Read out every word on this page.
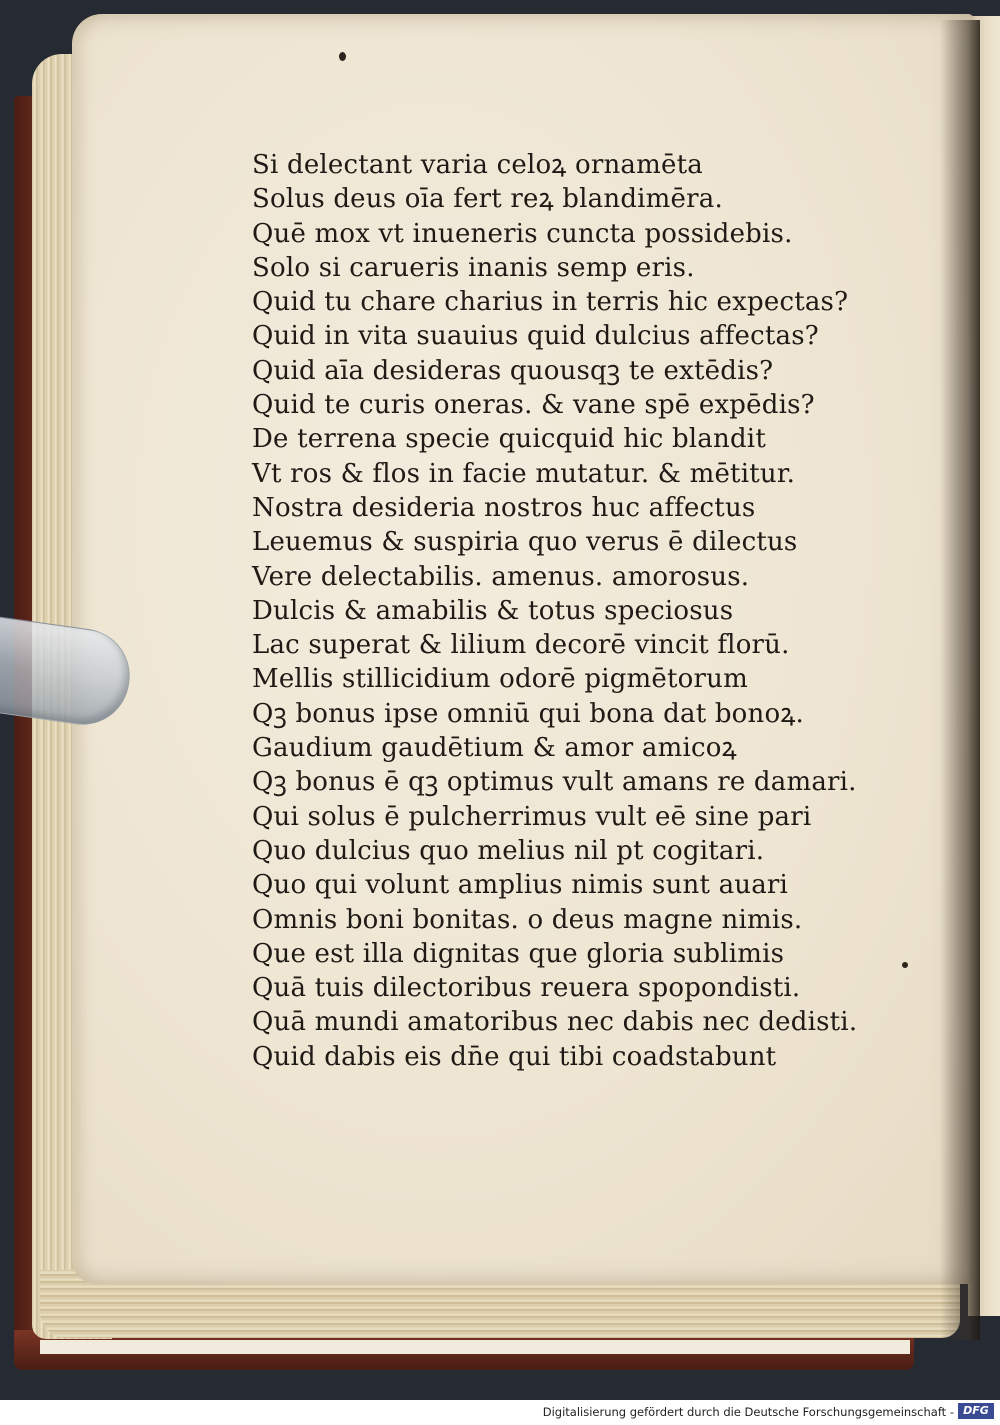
Si delectant varia celoꝝ ornamēta
Solus deus oīa fert reꝝ blandimēra.
Quē mox vt inueneris cuncta possidebis.
Solo si carueris inanis semp eris.
Quid tu chare charius in terris hic expectas?
Quid in vita suauius quid dulcius affectas?
Quid aīa desideras quousqꝫ te extēdis?
Quid te curis oneras. & vane spē expēdis?
De terrena specie quicquid hic blandit
Vt ros & flos in facie mutatur. & mētitur.
Nostra desideria nostros huc affectus
Leuemus & suspiria quo verus ē dilectus
Vere delectabilis. amenus. amorosus.
Dulcis & amabilis & totus speciosus
Lac superat & lilium decorē vincit florū.
Mellis stillicidium odorē pigmētorum
Qꝫ bonus ipse omniū qui bona dat bonoꝝ.
Gaudium gaudētium & amor amicoꝝ
Qꝫ bonus ē qꝫ optimus vult amans re damari.
Qui solus ē pulcherrimus vult eē sine pari
Quo dulcius quo melius nil pt cogitari.
Quo qui volunt amplius nimis sunt auari
Omnis boni bonitas. o deus magne nimis.
Que est illa dignitas que gloria sublimis
Quā tuis dilectoribus reuera spopondisti.
Quā mundi amatoribus nec dabis nec dedisti.
Quid dabis eis dn̄e qui tibi coadstabunt
Digitalisierung gefördert durch die Deutsche Forschungsgemeinschaft - DFG
